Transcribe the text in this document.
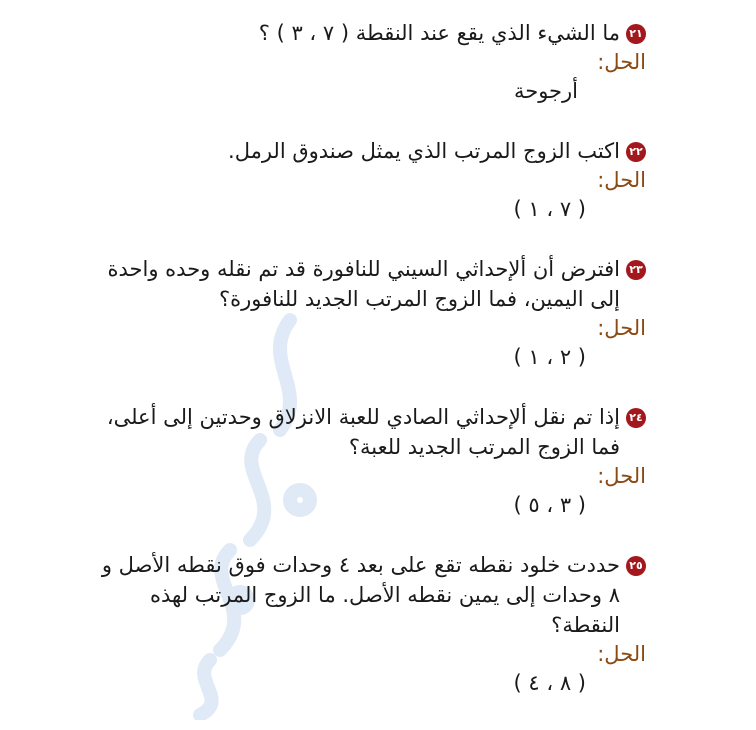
٢١
ما الشيء الذي يقع عند النقطة ( ٧ ، ٣ ) ؟
الحل:
أرجوحة
٢٢
اكتب الزوج المرتب الذي يمثل صندوق الرمل.
الحل:
( ٧ ، ١ )
٢٣
افترض أن ألإحداثي السيني للنافورة قد تم نقله وحده واحدة إلى اليمين، فما الزوج المرتب الجديد للنافورة؟
الحل:
( ٢ ، ١ )
٢٤
إذا تم نقل ألإحداثي الصادي للعبة الانزلاق وحدتين إلى أعلى، فما الزوج المرتب الجديد للعبة؟
الحل:
( ٣ ، ٥ )
٢٥
حددت خلود نقطه تقع على بعد ٤ وحدات فوق نقطه الأصل و ٨ وحدات إلى يمين نقطه الأصل. ما الزوج المرتب لهذه النقطة؟
الحل:
( ٨ ، ٤ )
